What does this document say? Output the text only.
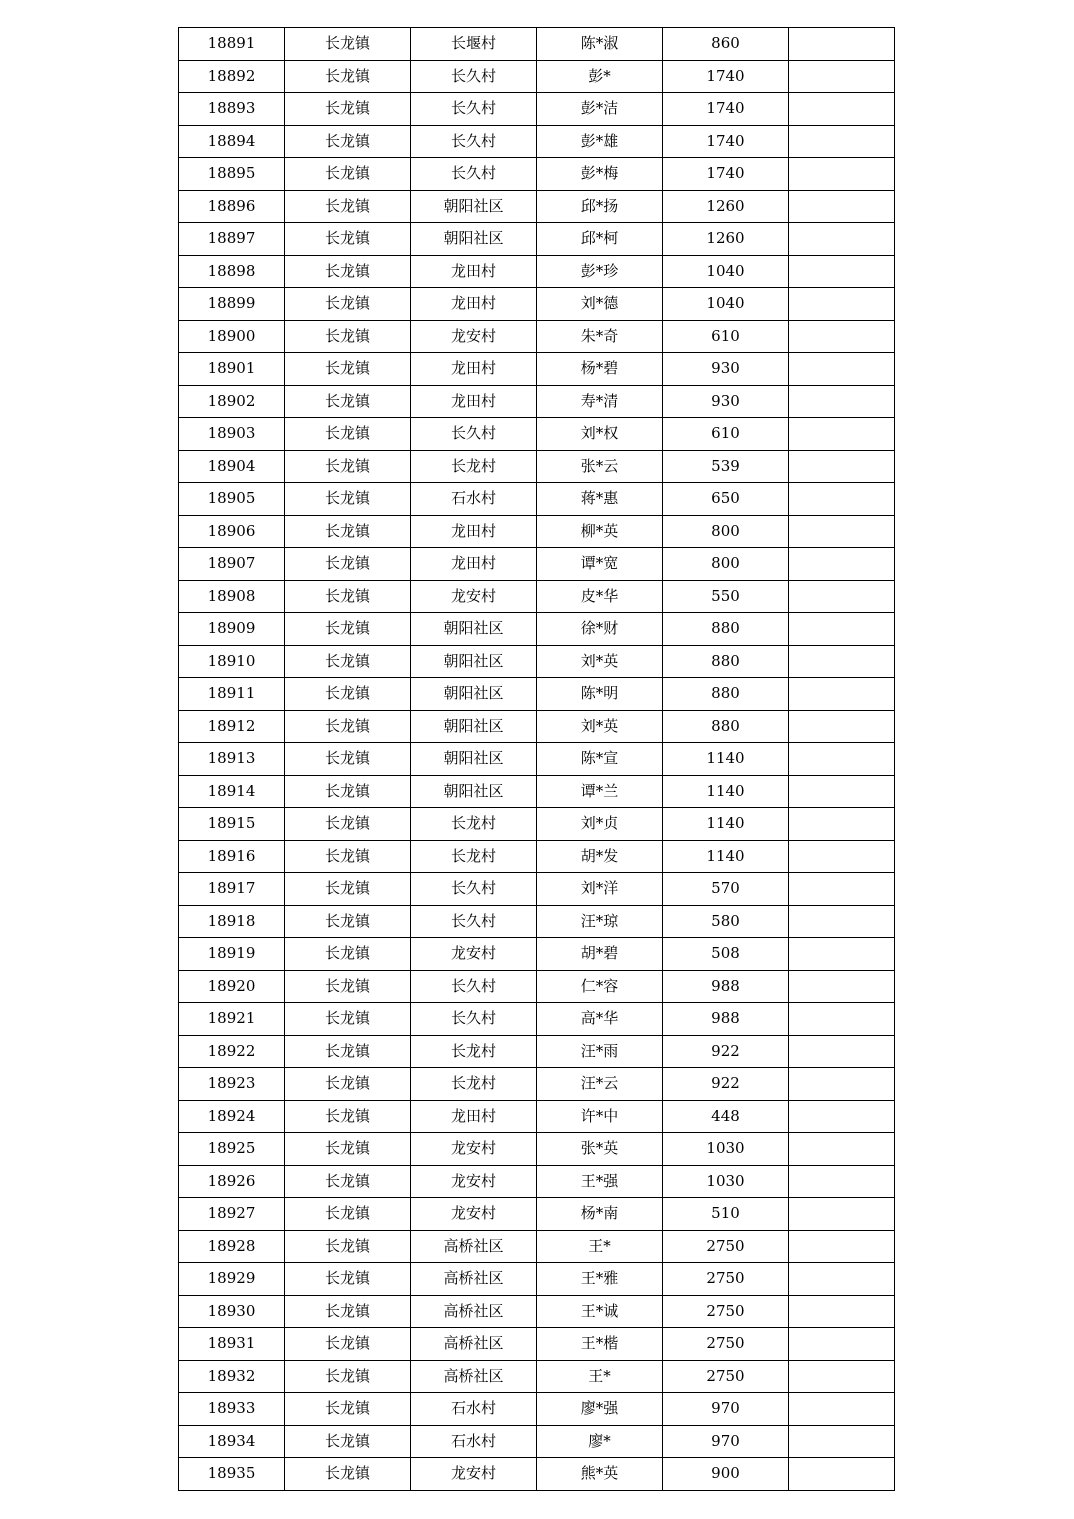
18891	长龙镇	长堰村	陈*淑	860	
18892	长龙镇	长久村	彭*	1740	
18893	长龙镇	长久村	彭*洁	1740	
18894	长龙镇	长久村	彭*雄	1740	
18895	长龙镇	长久村	彭*梅	1740	
18896	长龙镇	朝阳社区	邱*扬	1260	
18897	长龙镇	朝阳社区	邱*柯	1260	
18898	长龙镇	龙田村	彭*珍	1040	
18899	长龙镇	龙田村	刘*德	1040	
18900	长龙镇	龙安村	朱*奇	610	
18901	长龙镇	龙田村	杨*碧	930	
18902	长龙镇	龙田村	寿*清	930	
18903	长龙镇	长久村	刘*权	610	
18904	长龙镇	长龙村	张*云	539	
18905	长龙镇	石水村	蒋*惠	650	
18906	长龙镇	龙田村	柳*英	800	
18907	长龙镇	龙田村	谭*宽	800	
18908	长龙镇	龙安村	皮*华	550	
18909	长龙镇	朝阳社区	徐*财	880	
18910	长龙镇	朝阳社区	刘*英	880	
18911	长龙镇	朝阳社区	陈*明	880	
18912	长龙镇	朝阳社区	刘*英	880	
18913	长龙镇	朝阳社区	陈*宣	1140	
18914	长龙镇	朝阳社区	谭*兰	1140	
18915	长龙镇	长龙村	刘*贞	1140	
18916	长龙镇	长龙村	胡*发	1140	
18917	长龙镇	长久村	刘*洋	570	
18918	长龙镇	长久村	汪*琼	580	
18919	长龙镇	龙安村	胡*碧	508	
18920	长龙镇	长久村	仁*容	988	
18921	长龙镇	长久村	高*华	988	
18922	长龙镇	长龙村	汪*雨	922	
18923	长龙镇	长龙村	汪*云	922	
18924	长龙镇	龙田村	许*中	448	
18925	长龙镇	龙安村	张*英	1030	
18926	长龙镇	龙安村	王*强	1030	
18927	长龙镇	龙安村	杨*南	510	
18928	长龙镇	高桥社区	王*	2750	
18929	长龙镇	高桥社区	王*雅	2750	
18930	长龙镇	高桥社区	王*诚	2750	
18931	长龙镇	高桥社区	王*楷	2750	
18932	长龙镇	高桥社区	王*	2750	
18933	长龙镇	石水村	廖*强	970	
18934	长龙镇	石水村	廖*	970	
18935	长龙镇	龙安村	熊*英	900	
